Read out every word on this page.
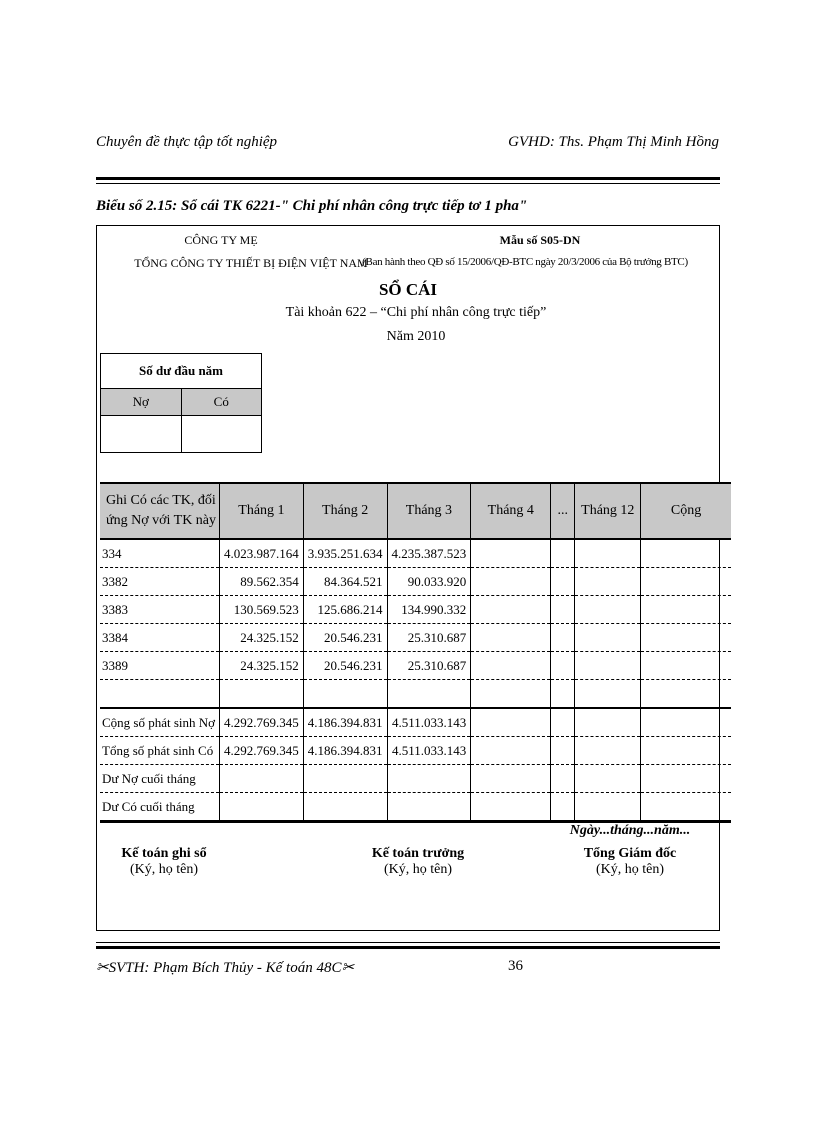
Chuyên đề thực tập tốt nghiệp	GVHD: Ths. Phạm Thị Minh Hồng
Biểu số 2.15: Sổ cái TK 6221-" Chi phí nhân công trực tiếp tơ 1 pha"
CÔNG TY MẸ
TỔNG CÔNG TY THIẾT BỊ ĐIỆN VIỆT NAM
Mẫu số S05-DN
(Ban hành theo QĐ số 15/2006/QĐ-BTC ngày 20/3/2006 của Bộ trưởng BTC)
SỔ CÁI
Tài khoản 622 – “Chi phí nhân công trực tiếp”
Năm 2010
Số dư đầu năm	
Nợ	Có

Ghi Có các TK, đối ứng Nợ với TK này	Tháng 1	Tháng 2	Tháng 3	Tháng 4	...	Tháng 12	Cộng
334	4.023.987.164	3.935.251.634	4.235.387.523				
3382	89.562.354	84.364.521	90.033.920				
3383	130.569.523	125.686.214	134.990.332				
3384	24.325.152	20.546.231	25.310.687				
3389	24.325.152	20.546.231	25.310.687				

Cộng số phát sinh Nợ	4.292.769.345	4.186.394.831	4.511.033.143				
Tổng số phát sinh Có	4.292.769.345	4.186.394.831	4.511.033.143				
Dư Nợ cuối tháng							
Dư Có cuối tháng							
Ngày...tháng...năm...
Kế toán ghi sổ
(Ký, họ tên)
Kế toán trưởng
(Ký, họ tên)
Tổng Giám đốc
(Ký, họ tên)
✂SVTH: Phạm Bích Thủy - Kế toán 48C✂	36
